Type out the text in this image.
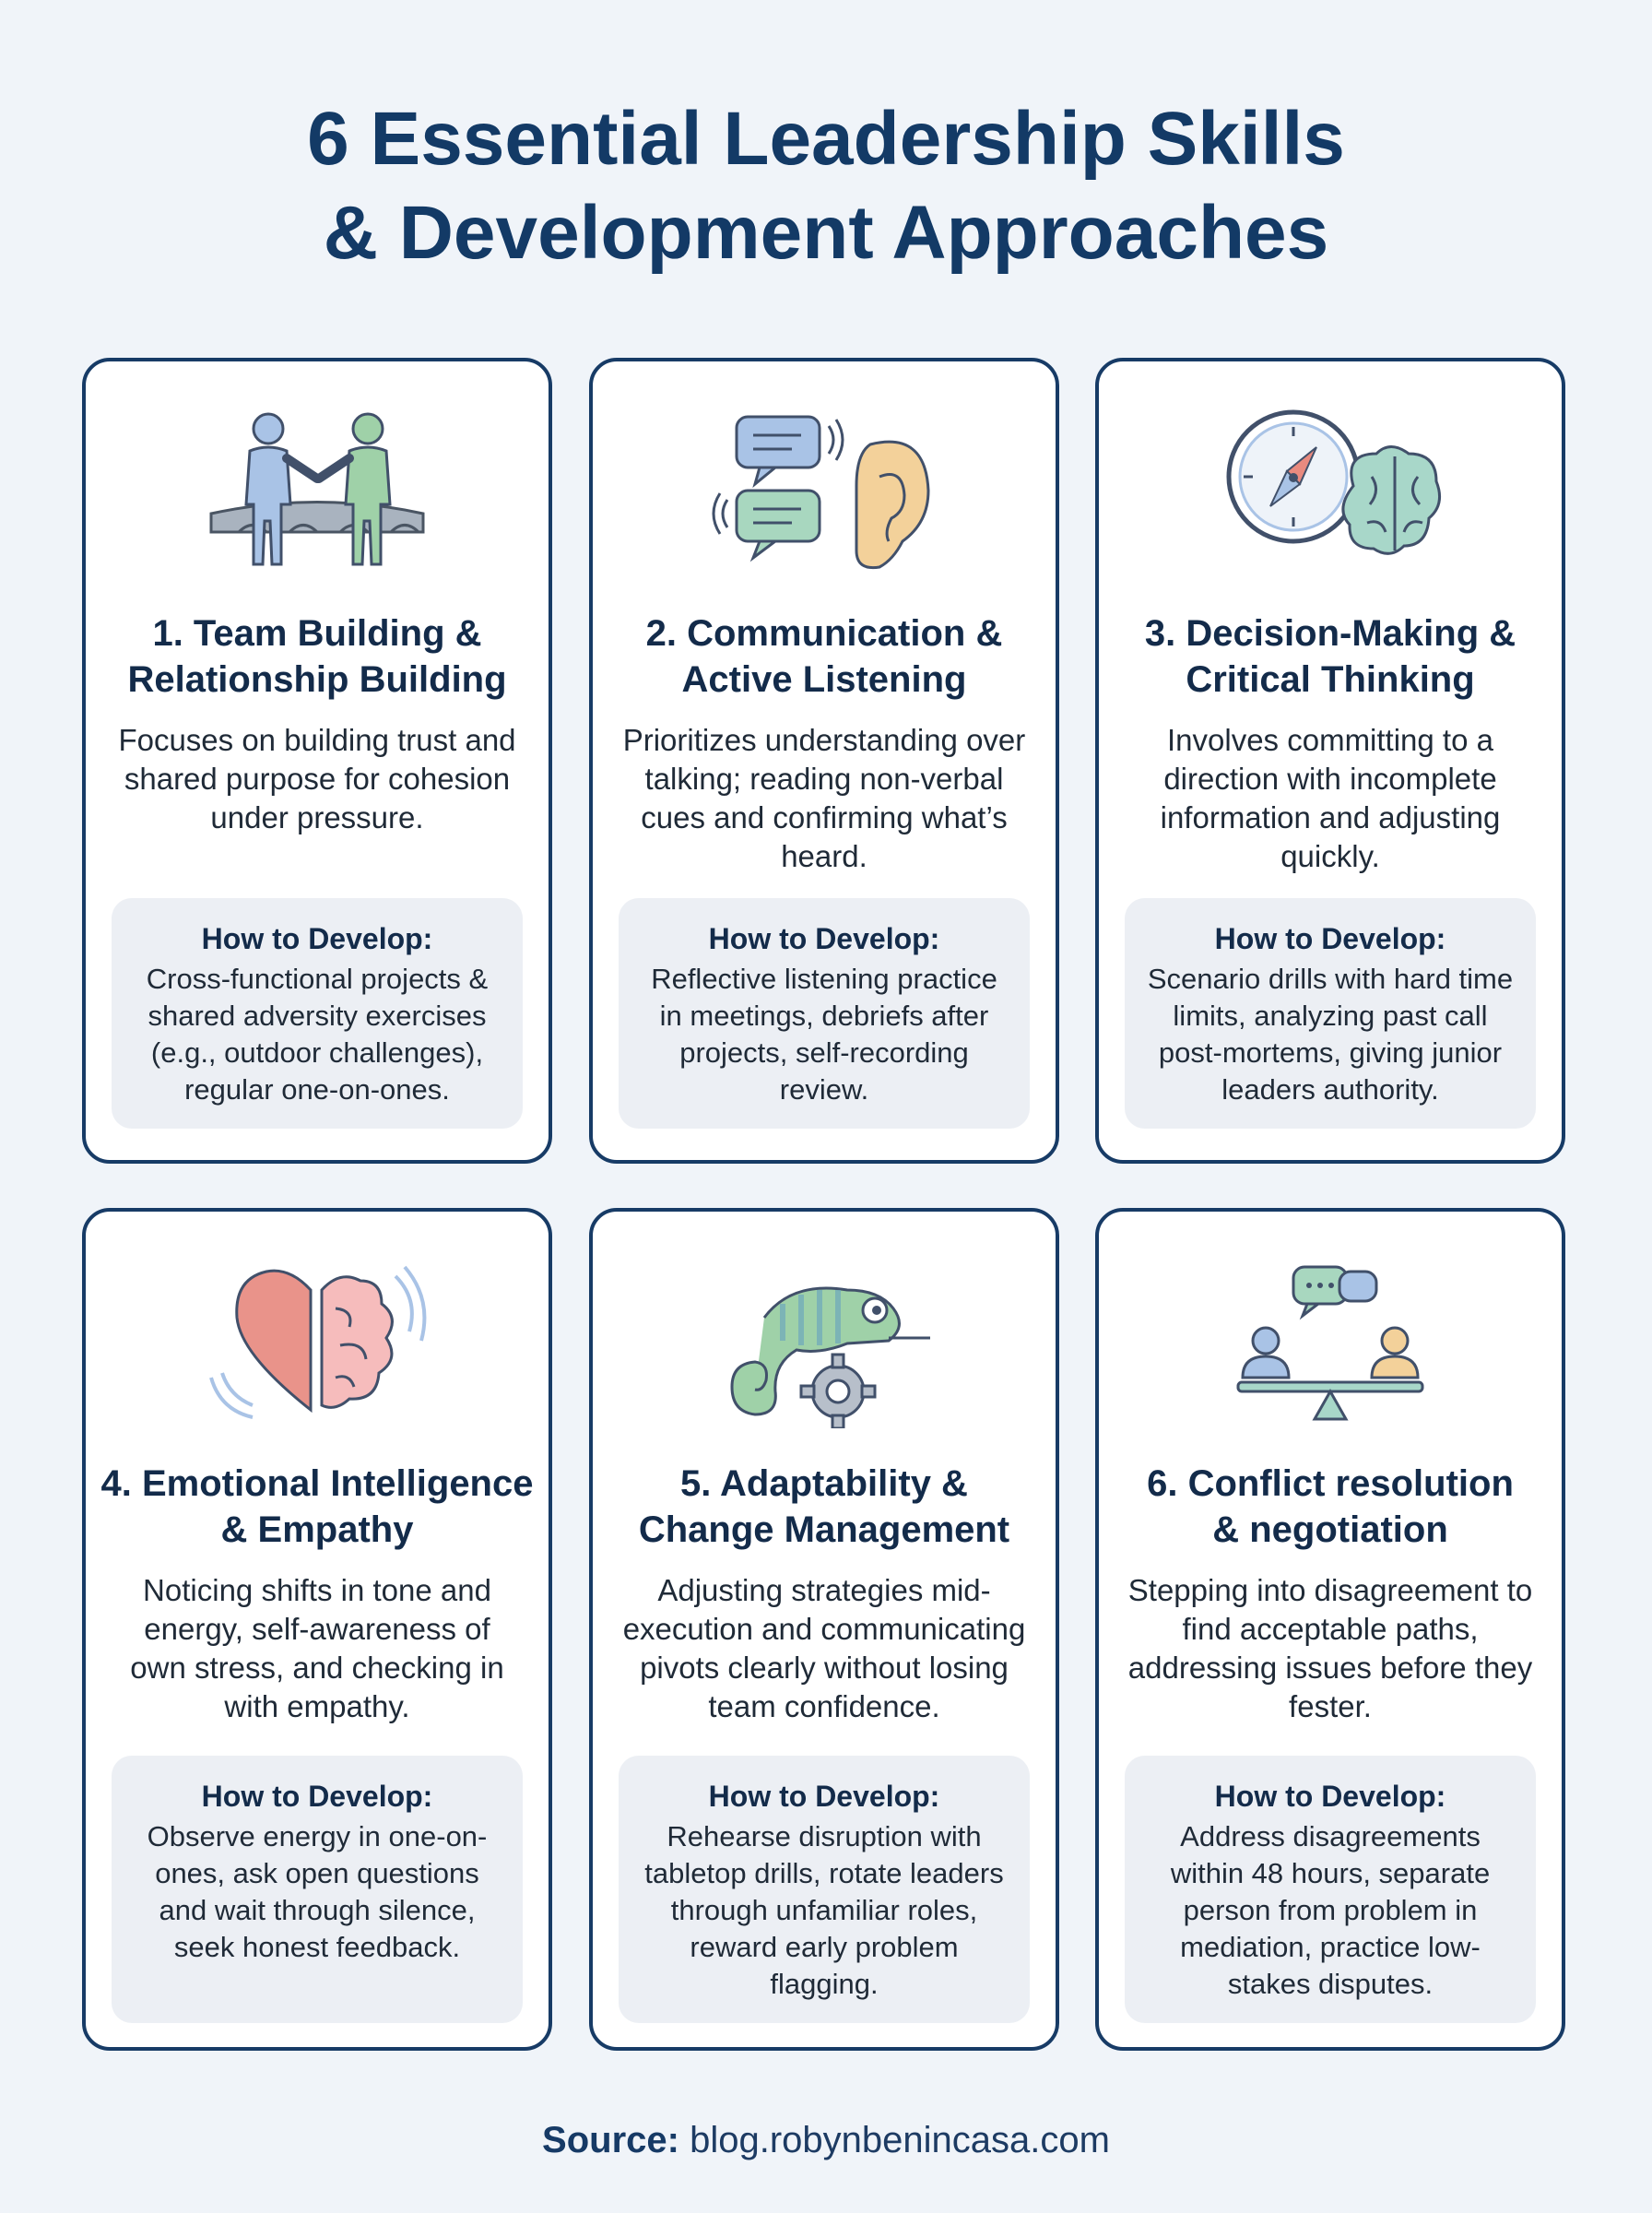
6 Essential Leadership Skills
& Development Approaches
1. Team Building &
Relationship Building

Focuses on building trust and shared purpose for cohesion under pressure.

How to Develop:
Cross-functional projects & shared adversity exercises (e.g., outdoor challenges), regular one-on-ones.
2. Communication &
Active Listening

Prioritizes understanding over talking; reading non-verbal cues and confirming what’s heard.

How to Develop:
Reflective listening practice in meetings, debriefs after projects, self-recording review.
3. Decision-Making &
Critical Thinking

Involves committing to a direction with incomplete information and adjusting quickly.

How to Develop:
Scenario drills with hard time limits, analyzing past call post-mortems, giving junior leaders authority.
4. Emotional Intelligence
& Empathy

Noticing shifts in tone and energy, self-awareness of own stress, and checking in with empathy.

How to Develop:
Observe energy in one-on-ones, ask open questions and wait through silence, seek honest feedback.
5. Adaptability &
Change Management

Adjusting strategies mid-execution and communicating pivots clearly without losing team confidence.

How to Develop:
Rehearse disruption with tabletop drills, rotate leaders through unfamiliar roles, reward early problem flagging.
6. Conflict resolution
& negotiation

Stepping into disagreement to find acceptable paths, addressing issues before they fester.

How to Develop:
Address disagreements within 48 hours, separate person from problem in mediation, practice low-stakes disputes.
Source: blog.robynbenincasa.com
